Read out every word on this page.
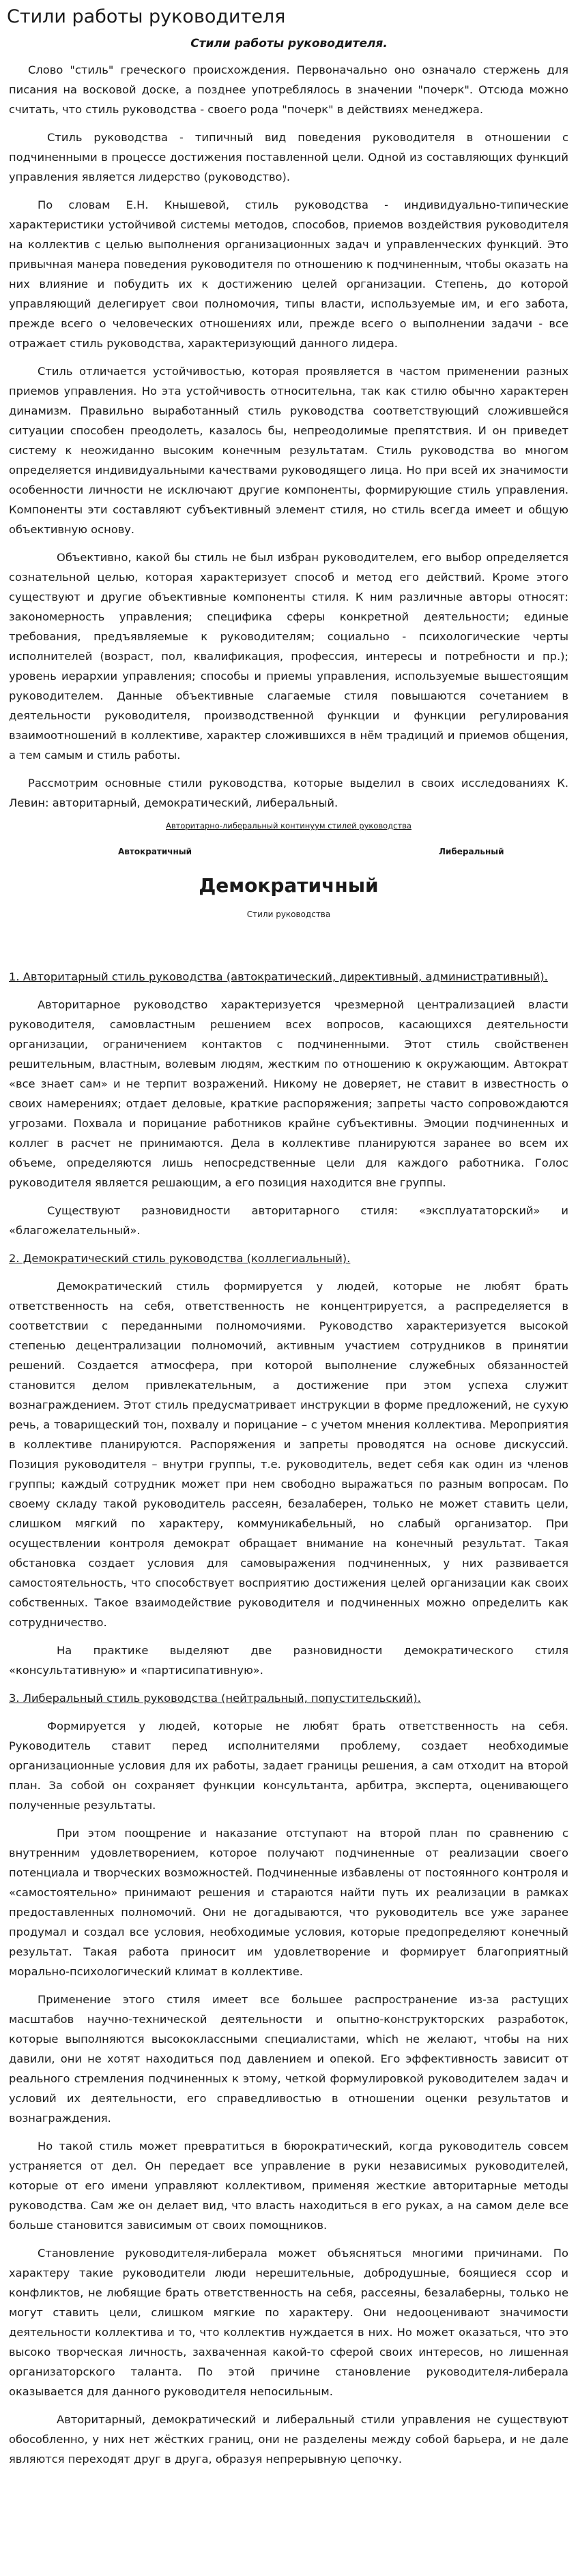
Стили работы руководителя
Стили работы руководителя.

Слово "стиль" греческого происхождения. Первоначально оно означало стержень для писания на восковой доске, а позднее употреблялось в значении "почерк". Отсюда можно считать, что стиль руководства - своего рода "почерк" в действиях менеджера.

Стиль руководства - типичный вид поведения руководителя в отношении с подчиненными в процессе достижения поставленной цели. Одной из составляющих функций управления является лидерство (руководство).

По словам Е.Н. Кнышевой, стиль руководства - индивидуально-типические характеристики устойчивой системы методов, способов, приемов воздействия руководителя на коллектив с целью выполнения организационных задач и управленческих функций. Это привычная манера поведения руководителя по отношению к подчиненным, чтобы оказать на них влияние и побудить их к достижению целей организации. Степень, до которой управляющий делегирует свои полномочия, типы власти, используемые им, и его забота, прежде всего о человеческих отношениях или, прежде всего о выполнении задачи - все отражает стиль руководства, характеризующий данного лидера.

Стиль отличается устойчивостью, которая проявляется в частом применении разных приемов управления. Но эта устойчивость относительна, так как стилю обычно характерен динамизм. Правильно выработанный стиль руководства соответствующий сложившейся ситуации способен преодолеть, казалось бы, непреодолимые препятствия. И он приведет систему к неожиданно высоким конечным результатам. Стиль руководства во многом определяется индивидуальными качествами руководящего лица. Но при всей их значимости особенности личности не исключают другие компоненты, формирующие стиль управления. Компоненты эти составляют субъективный элемент стиля, но стиль всегда имеет и общую объективную основу.

Объективно, какой бы стиль не был избран руководителем, его выбор определяется сознательной целью, которая характеризует способ и метод его действий. Кроме этого существуют и другие объективные компоненты стиля. К ним различные авторы относят: закономерность управления; специфика сферы конкретной деятельности; единые требования, предъявляемые к руководителям; социально - психологические черты исполнителей (возраст, пол, квалификация, профессия, интересы и потребности и пр.); уровень иерархии управления; способы и приемы управления, используемые вышестоящим руководителем. Данные объективные слагаемые стиля повышаются сочетанием в деятельности руководителя, производственной функции и функции регулирования взаимоотношений в коллективе, характер сложившихся в нём традиций и приемов общения, а тем самым и стиль работы.

Рассмотрим основные стили руководства, которые выделил в своих исследованиях К. Левин: авторитарный, демократический, либеральный.

Авторитарно-либеральный континуум стилей руководства
Автократичный	Либеральный
Демократичный
Стили руководства
1. Авторитарный стиль руководства (автократический, директивный, административный).

Авторитарное руководство характеризуется чрезмерной централизацией власти руководителя, самовластным решением всех вопросов, касающихся деятельности организации, ограничением контактов с подчиненными. Этот стиль свойственен решительным, властным, волевым людям, жестким по отношению к окружающим. Автократ «все знает сам» и не терпит возражений. Никому не доверяет, не ставит в известность о своих намерениях; отдает деловые, краткие распоряжения; запреты часто сопровождаются угрозами. Похвала и порицание работников крайне субъективны. Эмоции подчиненных и коллег в расчет не принимаются. Дела в коллективе планируются заранее во всем их объеме, определяются лишь непосредственные цели для каждого работника. Голос руководителя является решающим, а его позиция находится вне группы.

Существуют разновидности авторитарного стиля: «эксплуататорский» и «благожелательный».

2. Демократический стиль руководства (коллегиальный).

Демократический стиль формируется у людей, которые не любят брать ответственность на себя, ответственность не концентрируется, а распределяется в соответствии с переданными полномочиями. Руководство характеризуется высокой степенью децентрализации полномочий, активным участием сотрудников в принятии решений. Создается атмосфера, при которой выполнение служебных обязанностей становится делом привлекательным, а достижение при этом успеха служит вознаграждением. Этот стиль предусматривает инструкции в форме предложений, не сухую речь, а товарищеский тон, похвалу и порицание – с учетом мнения коллектива. Мероприятия в коллективе планируются. Распоряжения и запреты проводятся на основе дискуссий. Позиция руководителя – внутри группы, т.е. руководитель, ведет себя как один из членов группы; каждый сотрудник может при нем свободно выражаться по разным вопросам. По своему складу такой руководитель рассеян, безалаберен, только не может ставить цели, слишком мягкий по характеру, коммуникабельный, но слабый организатор. При осуществлении контроля демократ обращает внимание на конечный результат. Такая обстановка создает условия для самовыражения подчиненных, у них развивается самостоятельность, что способствует восприятию достижения целей организации как своих собственных. Такое взаимодействие руководителя и подчиненных можно определить как сотрудничество.

На практике выделяют две разновидности демократического стиля «консультативную» и «партисипативную».

3. Либеральный стиль руководства (нейтральный, попустительский).

Формируется у людей, которые не любят брать ответственность на себя. Руководитель ставит перед исполнителями проблему, создает необходимые организационные условия для их работы, задает границы решения, а сам отходит на второй план. За собой он сохраняет функции консультанта, арбитра, эксперта, оценивающего полученные результаты.

При этом поощрение и наказание отступают на второй план по сравнению с внутренним удовлетворением, которое получают подчиненные от реализации своего потенциала и творческих возможностей. Подчиненные избавлены от постоянного контроля и «самостоятельно» принимают решения и стараются найти путь их реализации в рамках предоставленных полномочий. Они не догадываются, что руководитель все уже заранее продумал и создал все условия, необходимые условия, которые предопределяют конечный результат. Такая работа приносит им удовлетворение и формирует благоприятный морально-психологический климат в коллективе.

Применение этого стиля имеет все большее распространение из-за растущих масштабов научно-технической деятельности и опытно-конструкторских разработок, которые выполняются высококлассными специалистами, which не желают, чтобы на них давили, они не хотят находиться под давлением и опекой. Его эффективность зависит от реального стремления подчиненных к этому, четкой формулировкой руководителем задач и условий их деятельности, его справедливостью в отношении оценки результатов и вознаграждения.

Но такой стиль может превратиться в бюрократический, когда руководитель совсем устраняется от дел. Он передает все управление в руки независимых руководителей, которые от его имени управляют коллективом, применяя жесткие авторитарные методы руководства. Сам же он делает вид, что власть находиться в его руках, а на самом деле все больше становится зависимым от своих помощников.

Становление руководителя-либерала может объясняться многими причинами. По характеру такие руководители люди нерешительные, добродушные, боящиеся ссор и конфликтов, не любящие брать ответственность на себя, рассеяны, безалаберны, только не могут ставить цели, слишком мягкие по характеру. Они недооценивают значимости деятельности коллектива и то, что коллектив нуждается в них. Но может оказаться, что это высоко творческая личность, захваченная какой-то сферой своих интересов, но лишенная организаторского таланта. По этой причине становление руководителя-либерала оказывается для данного руководителя непосильным.

Авторитарный, демократический и либеральный стили управления не существуют обособленно, у них нет жёстких границ, они не разделены между собой барьера, и не дале являются переходят друг в друга, образуя непрерывную цепочку.
